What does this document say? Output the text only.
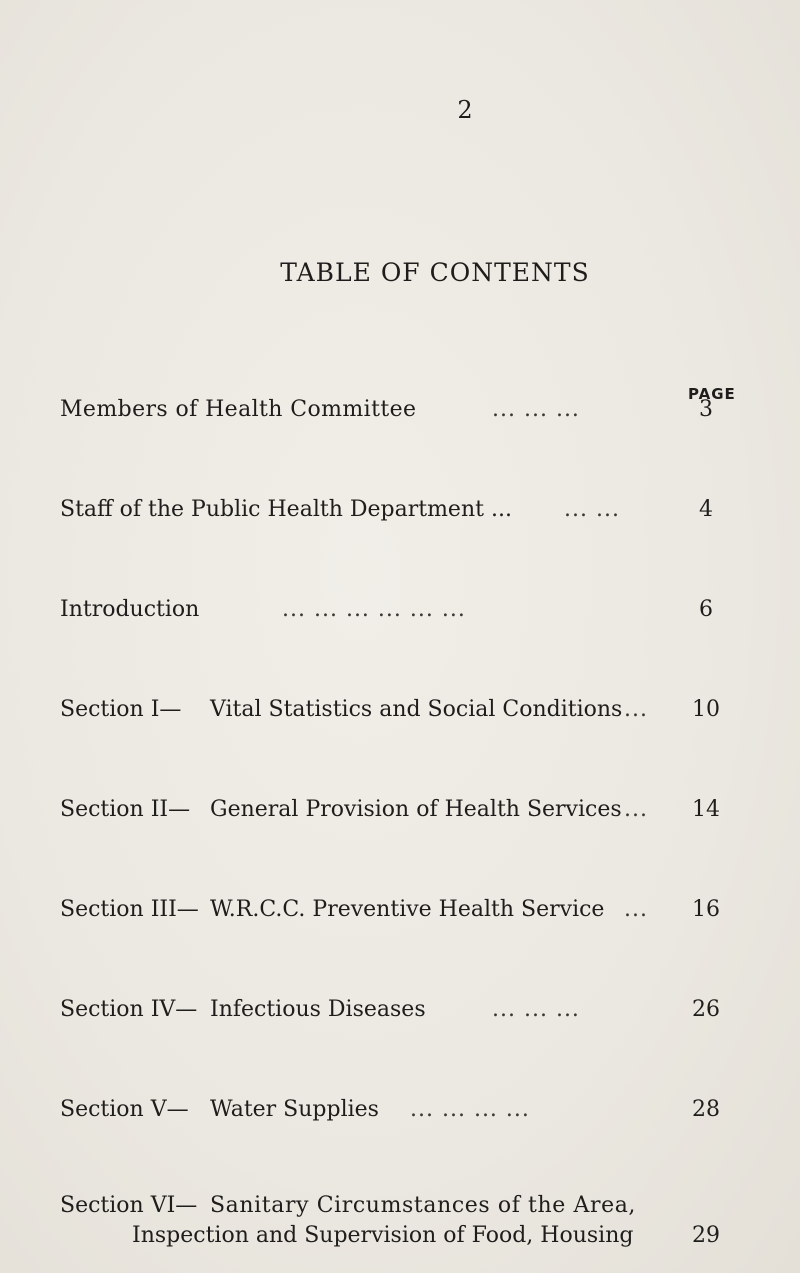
2
TABLE OF CONTENTS
PAGE
Members of Health Committee	... ... ...	3
Staff of the Public Health Department ... ... ...	4
Introduction	... ... ... ... ... ...	6
Section I— Vital Statistics and Social Conditions ...	10
Section II— General Provision of Health Services ...	14
Section III— W.R.C.C. Preventive Health Service ...	16
Section IV— Infectious Diseases	... ... ...	26
Section V— Water Supplies ... ... ... ...	28
Section VI— Sanitary Circumstances of the Area,
Inspection and Supervision of Food, Housing	29
